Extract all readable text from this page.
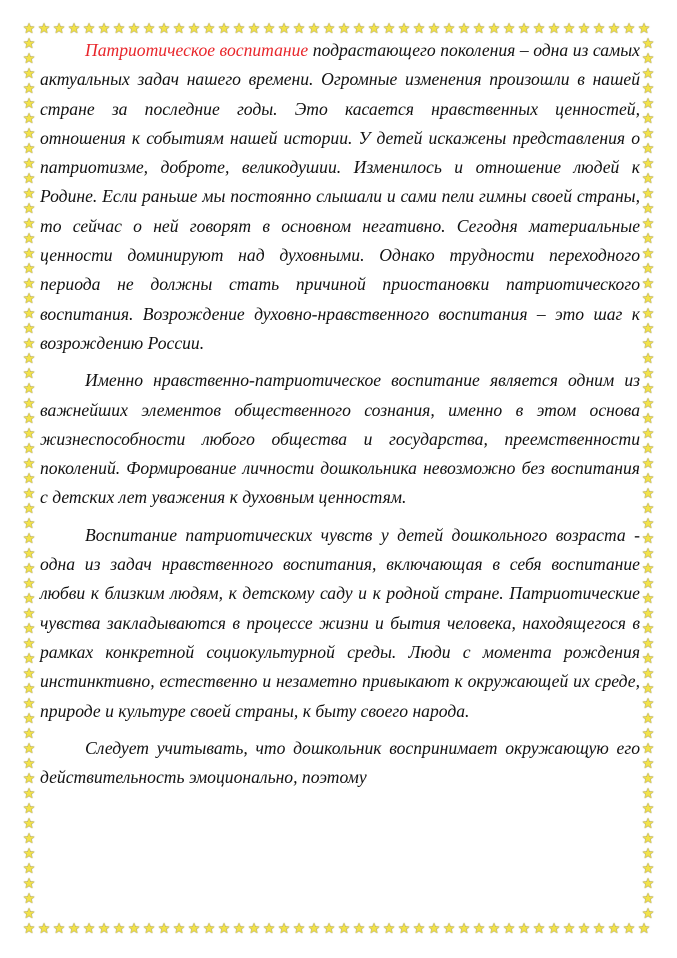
★
★
★
★
★
★
★
★
★
★
★
★
★
★
★
★
★
★
★
★
★
★
★
★
★
★
★
★
★
★
★
★
★
★
★
★
★
★
★
★
★
★
★
★
★
★
★
★
★
★
★
★
★
★
★
★
★
★
★
★
★
★
★
★
★
★
★
★
★
★
★
★
★
★
★
★
★
★
★
★
★
★
★
★
★	★
★	★
★	★
★	★
★	★
★	★
★	★
★	★
★	★
★	★
★	★
★	★
★	★
★	★
★	★
★	★
★	★
★	★
★	★
★	★
★	★
★	★
★	★
★	★
★	★
★	★
★	★
★	★
★	★
★	★
★	★
★	★
★	★
★	★
★	★
★	★
★	★
★	★
★	★
★	★
★	★
★	★
★	★
★	★
★	★
★	★
★	★
★	★
★	★
★	★
★	★
★	★
★	★
★	★
★	★
★	★
★	★
★	★
★	★

Патриотическое воспитание подрастающего поколения – одна из самых актуальных задач нашего времени. Огромные изменения произошли в нашей стране за последние годы. Это касается нравственных ценностей, отношения к событиям нашей истории. У детей искажены представления о патриотизме, доброте, великодушии. Изменилось и отношение людей к Родине. Если раньше мы постоянно слышали и сами пели гимны своей страны, то сейчас о ней говорят в основном негативно. Сегодня материальные ценности доминируют над духовными. Однако трудности переходного периода не должны стать причиной приостановки патриотического воспитания. Возрождение духовно-нравственного воспитания – это шаг к возрождению России.

Именно нравственно-патриотическое воспитание является одним из важнейших элементов общественного сознания, именно в этом основа жизнеспособности любого общества и государства, преемственности поколений. Формирование личности дошкольника невозможно без воспитания с детских лет уважения к духовным ценностям.

Воспитание патриотических чувств у детей дошкольного возраста - одна из задач нравственного воспитания, включающая в себя воспитание любви к близким людям, к детскому саду и к родной стране. Патриотические чувства закладываются в процессе жизни и бытия человека, находящегося в рамках конкретной социокультурной среды. Люди с момента рождения инстинктивно, естественно и незаметно привыкают к окружающей их среде, природе и культуре своей страны, к быту своего народа.

Следует учитывать, что дошкольник воспринимает окружающую его действительность эмоционально, поэтому
